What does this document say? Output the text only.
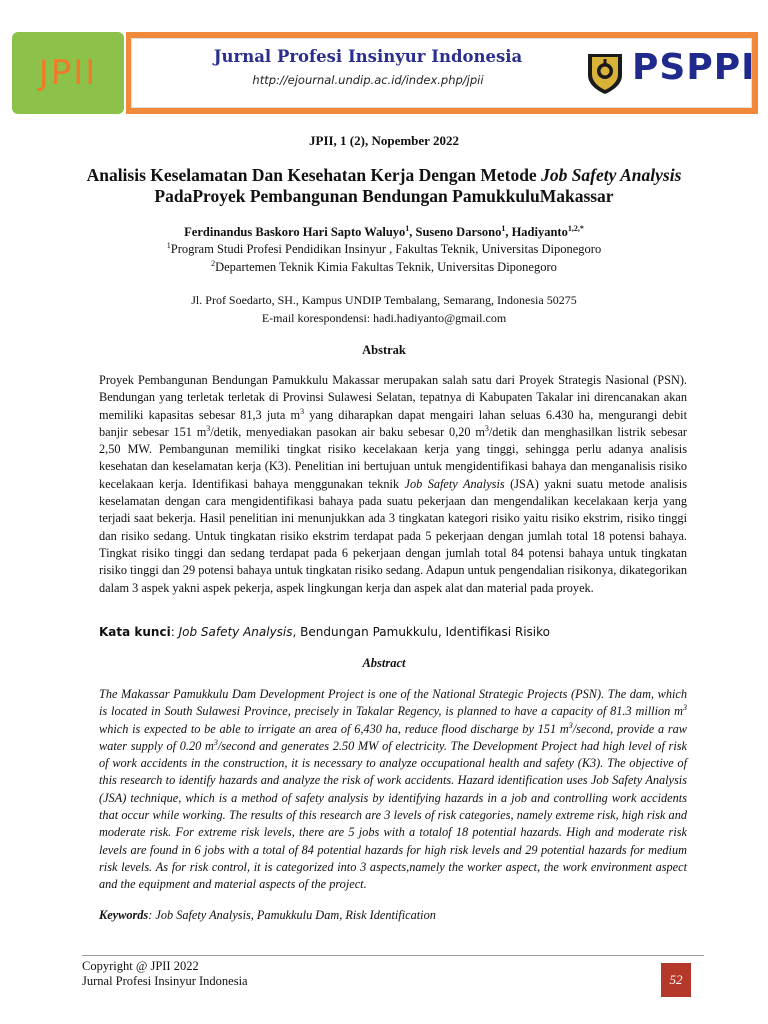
JPII	Jurnal Profesi Insinyur Indonesia
http://ejournal.undip.ac.id/index.php/jpii	PSPPI
JPII, 1 (2), Nopember 2022
Analisis Keselamatan Dan Kesehatan Kerja Dengan Metode Job Safety Analysis
PadaProyek Pembangunan Bendungan PamukkuluMakassar
Ferdinandus Baskoro Hari Sapto Waluyo$^1$, Suseno Darsono$^1$, Hadiyanto$^{1,2,*}$
$^1$Program Studi Profesi Pendidikan Insinyur , Fakultas Teknik, Universitas Diponegoro
$^2$Departemen Teknik Kimia Fakultas Teknik, Universitas Diponegoro
Jl. Prof Soedarto, SH., Kampus UNDIP Tembalang, Semarang, Indonesia 50275
E-mail korespondensi: hadi.hadiyanto@gmail.com
Abstrak
Proyek Pembangunan Bendungan Pamukkulu Makassar merupakan salah satu dari Proyek Strategis Nasional (PSN). Bendungan yang terletak terletak di Provinsi Sulawesi Selatan, tepatnya di Kabupaten Takalar ini direncanakan akan memiliki kapasitas sebesar 81,3 juta $m^3$ yang diharapkan dapat mengairi lahan seluas 6.430 ha, mengurangi debit banjir sebesar 151 $m^3$/detik, menyediakan pasokan air baku sebesar 0,20 $m^3$/detik dan menghasilkan listrik sebesar 2,50 MW. Pembangunan memiliki tingkat risiko kecelakaan kerja yang tinggi, sehingga perlu adanya analisis kesehatan dan keselamatan kerja (K3). Penelitian ini bertujuan untuk mengidentifikasi bahaya dan menganalisis risiko kecelakaan kerja. Identifikasi bahaya menggunakan teknik Job Safety Analysis (JSA) yakni suatu metode analisis keselamatan dengan cara mengidentifikasi bahaya pada suatu pekerjaan dan mengendalikan kecelakaan kerja yang terjadi saat bekerja. Hasil penelitian ini menunjukkan ada 3 tingkatan kategori risiko yaitu risiko ekstrim, risiko tinggi dan risiko sedang. Untuk tingkatan risiko ekstrim terdapat pada 5 pekerjaan dengan jumlah total 18 potensi bahaya. Tingkat risiko tinggi dan sedang terdapat pada 6 pekerjaan dengan jumlah total 84 potensi bahaya untuk tingkatan risiko tinggi dan 29 potensi bahaya untuk tingkatan risiko sedang. Adapun untuk pengendalian risikonya, dikategorikan dalam 3 aspek yakni aspek pekerja, aspek lingkungan kerja dan aspek alat dan material pada proyek.
Kata kunci: Job Safety Analysis, Bendungan Pamukkulu, Identifikasi Risiko
Abstract
The Makassar Pamukkulu Dam Development Project is one of the National Strategic Projects (PSN). The dam, which is located in South Sulawesi Province, precisely in Takalar Regency, is planned to have a capacity of 81.3 million $m^3$ which is expected to be able to irrigate an area of 6,430 ha, reduce flood discharge by 151 $m^3$/second, provide a raw water supply of 0.20 $m^3$/second and generates 2.50 MW of electricity. The Development Project had high level of risk of work accidents in the construction, it is necessary to analyze occupational health and safety (K3). The objective of this research to identify hazards and analyze the risk of work accidents. Hazard identification uses Job Safety Analysis (JSA) technique, which is a method of safety analysis by identifying hazards in a job and controlling work accidents that occur while working. The results of this research are 3 levels of risk categories, namely extreme risk, high risk and moderate risk. For extreme risk levels, there are 5 jobs with a totalof 18 potential hazards. High and moderate risk levels are found in 6 jobs with a total of 84 potential hazards for high risk levels and 29 potential hazards for medium risk levels. As for risk control, it is categorized into 3 aspects,namely the worker aspect, the work environment aspect and the equipment and material aspects of the project.
Keywords: Job Safety Analysis, Pamukkulu Dam, Risk Identification
Copyright @ JPII 2022
Jurnal Profesi Insinyur Indonesia	52
